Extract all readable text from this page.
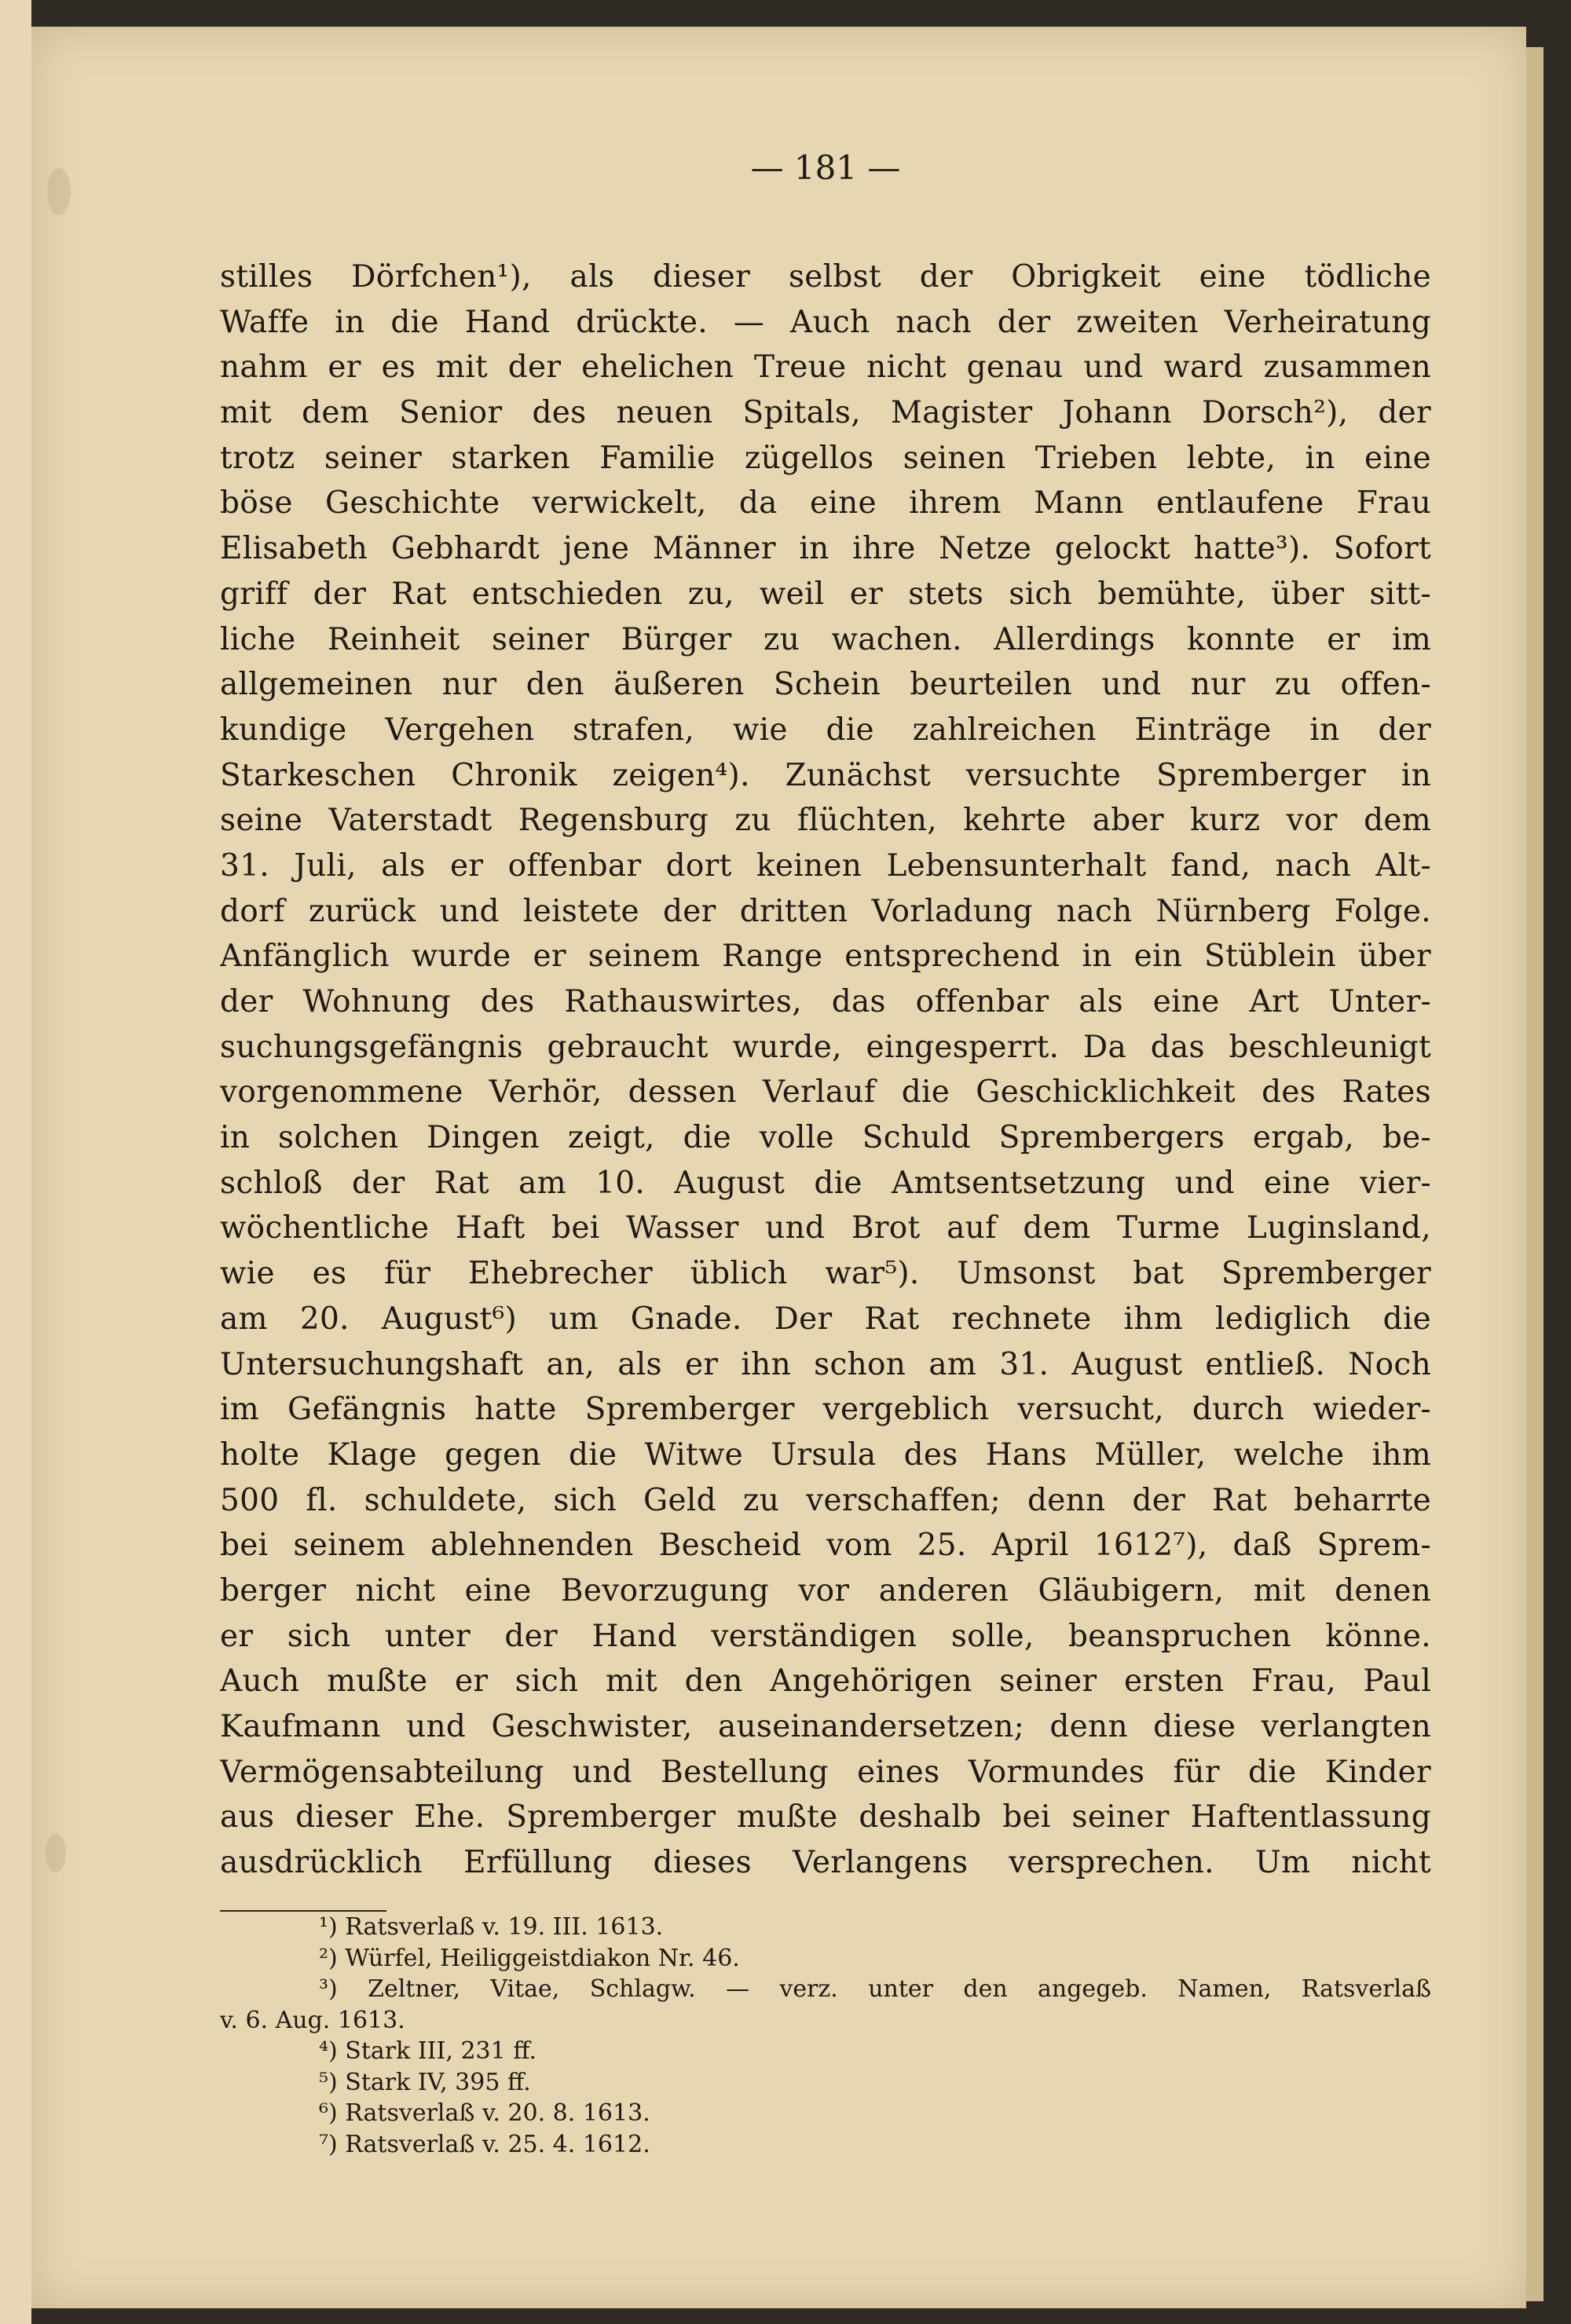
— 181 —
stilles Dörfchen¹), als dieser selbst der Obrigkeit eine tödliche
Waffe in die Hand drückte. — Auch nach der zweiten Verheiratung
nahm er es mit der ehelichen Treue nicht genau und ward zusammen
mit dem Senior des neuen Spitals, Magister Johann Dorsch²), der
trotz seiner starken Familie zügellos seinen Trieben lebte, in eine
böse Geschichte verwickelt, da eine ihrem Mann entlaufene Frau
Elisabeth Gebhardt jene Männer in ihre Netze gelockt hatte³). Sofort
griff der Rat entschieden zu, weil er stets sich bemühte, über sitt-
liche Reinheit seiner Bürger zu wachen. Allerdings konnte er im
allgemeinen nur den äußeren Schein beurteilen und nur zu offen-
kundige Vergehen strafen, wie die zahlreichen Einträge in der
Starkeschen Chronik zeigen⁴). Zunächst versuchte Spremberger in
seine Vaterstadt Regensburg zu flüchten, kehrte aber kurz vor dem
31. Juli, als er offenbar dort keinen Lebensunterhalt fand, nach Alt-
dorf zurück und leistete der dritten Vorladung nach Nürnberg Folge.
Anfänglich wurde er seinem Range entsprechend in ein Stüblein über
der Wohnung des Rathauswirtes, das offenbar als eine Art Unter-
suchungsgefängnis gebraucht wurde, eingesperrt. Da das beschleunigt
vorgenommene Verhör, dessen Verlauf die Geschicklichkeit des Rates
in solchen Dingen zeigt, die volle Schuld Sprembergers ergab, be-
schloß der Rat am 10. August die Amtsentsetzung und eine vier-
wöchentliche Haft bei Wasser und Brot auf dem Turme Luginsland,
wie es für Ehebrecher üblich war⁵). Umsonst bat Spremberger
am 20. August⁶) um Gnade. Der Rat rechnete ihm lediglich die
Untersuchungshaft an, als er ihn schon am 31. August entließ. Noch
im Gefängnis hatte Spremberger vergeblich versucht, durch wieder-
holte Klage gegen die Witwe Ursula des Hans Müller, welche ihm
500 fl. schuldete, sich Geld zu verschaffen; denn der Rat beharrte
bei seinem ablehnenden Bescheid vom 25. April 1612⁷), daß Sprem-
berger nicht eine Bevorzugung vor anderen Gläubigern, mit denen
er sich unter der Hand verständigen solle, beanspruchen könne.
Auch mußte er sich mit den Angehörigen seiner ersten Frau, Paul
Kaufmann und Geschwister, auseinandersetzen; denn diese verlangten
Vermögensabteilung und Bestellung eines Vormundes für die Kinder
aus dieser Ehe. Spremberger mußte deshalb bei seiner Haftentlassung
ausdrücklich Erfüllung dieses Verlangens versprechen. Um nicht
¹) Ratsverlaß v. 19. III. 1613.
²) Würfel, Heiliggeistdiakon Nr. 46.
³) Zeltner, Vitae, Schlagw. — verz. unter den angegeb. Namen, Ratsverlaß
v. 6. Aug. 1613.
⁴) Stark III, 231 ff.
⁵) Stark IV, 395 ff.
⁶) Ratsverlaß v. 20. 8. 1613.
⁷) Ratsverlaß v. 25. 4. 1612.
